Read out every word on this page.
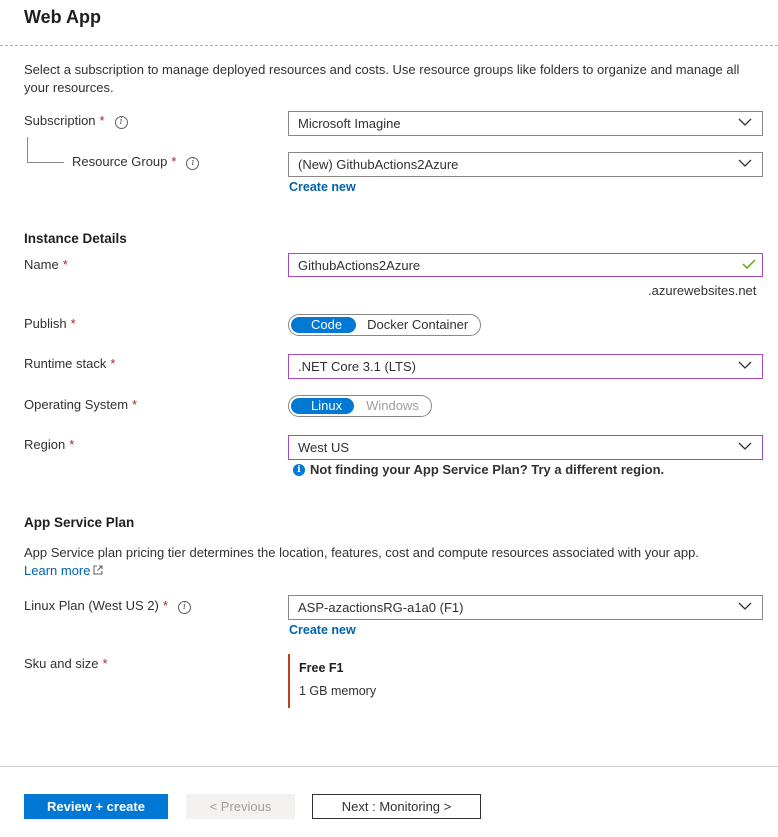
Web App
Select a subscription to manage deployed resources and costs. Use resource groups like folders to organize and manage all your resources.
Subscription * i	Microsoft Imagine
Resource Group * i	(New) GithubActions2Azure
Create new
Instance Details
Name *	GithubActions2Azure
.azurewebsites.net
Publish *	Code	Docker Container
Runtime stack *	.NET Core 3.1 (LTS)
Operating System *	Linux	Windows
Region *	West US
i Not finding your App Service Plan? Try a different region.
App Service Plan
App Service plan pricing tier determines the location, features, cost and compute resources associated with your app.
Learn more
Linux Plan (West US 2) * i	ASP-azactionsRG-a1a0 (F1)
Create new
Sku and size *	Free F1
1 GB memory
Review + create	< Previous	Next : Monitoring >
